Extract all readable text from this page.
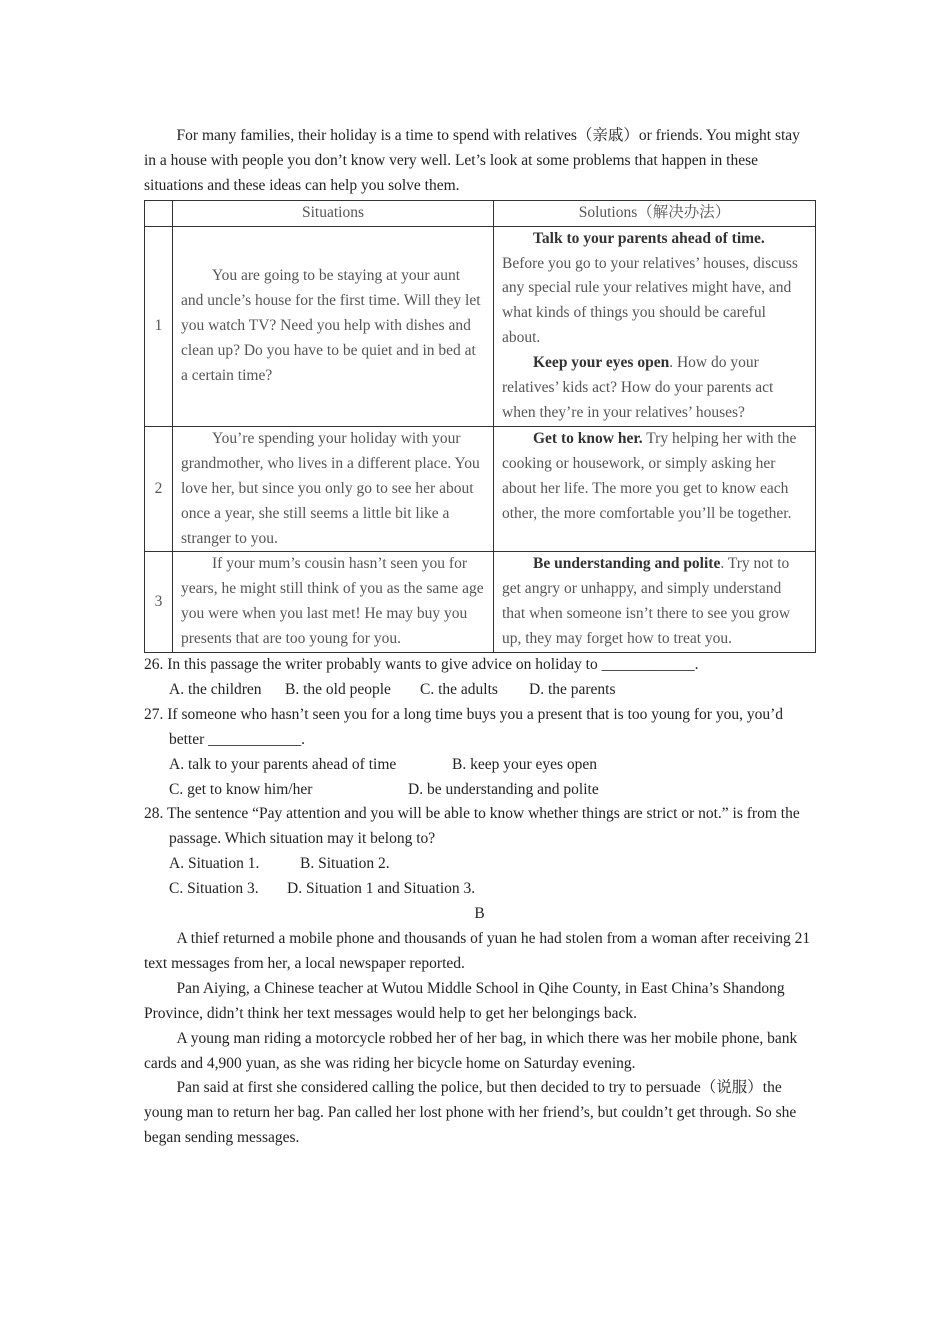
For many families, their holiday is a time to spend with relatives（亲戚）or friends. You might stay in a house with people you don’t know very well. Let’s look at some problems that happen in these situations and these ideas can help you solve them.

	Situations	Solutions（解决办法）
1	You are going to be staying at your aunt and uncle’s house for the first time. Will they let you watch TV? Need you help with dishes and clean up? Do you have to be quiet and in bed at a certain time?	Talk to your parents ahead of time. Before you go to your relatives’ houses, discuss any special rule your relatives might have, and what kinds of things you should be careful about.

Keep your eyes open. How do your relatives’ kids act? How do your parents act when they’re in your relatives’ houses?

2	You’re spending your holiday with your grandmother, who lives in a different place. You love her, but since you only go to see her about once a year, she still seems a little bit like a stranger to you.	Get to know her. Try helping her with the cooking or housework, or simply asking her about her life. The more you get to know each other, the more comfortable you’ll be together.

3	If your mum’s cousin hasn’t seen you for years, he might still think of you as the same age you were when you last met! He may buy you presents that are too young for you.	Be understanding and polite. Try not to get angry or unhappy, and simply understand that when someone isn’t there to see you grow up, they may forget how to treat you.

26. In this passage the writer probably wants to give advice on holiday to ____________.

A. the children B. the old people C. the adults D. the parents

27. If someone who hasn’t seen you for a long time buys you a present that is too young for you, you’d better ____________.

A. talk to your parents ahead of time	B. keep your eyes open

C. get to know him/her	D. be understanding and polite

28. The sentence “Pay attention and you will be able to know whether things are strict or not.” is from the passage. Which situation may it belong to?

A. Situation 1.	B. Situation 2.

C. Situation 3. D. Situation 1 and Situation 3.

B

A thief returned a mobile phone and thousands of yuan he had stolen from a woman after receiving 21 text messages from her, a local newspaper reported.

Pan Aiying, a Chinese teacher at Wutou Middle School in Qihe County, in East China’s Shandong Province, didn’t think her text messages would help to get her belongings back.

A young man riding a motorcycle robbed her of her bag, in which there was her mobile phone, bank cards and 4,900 yuan, as she was riding her bicycle home on Saturday evening.

Pan said at first she considered calling the police, but then decided to try to persuade（说服）the young man to return her bag. Pan called her lost phone with her friend’s, but couldn’t get through. So she began sending messages.
